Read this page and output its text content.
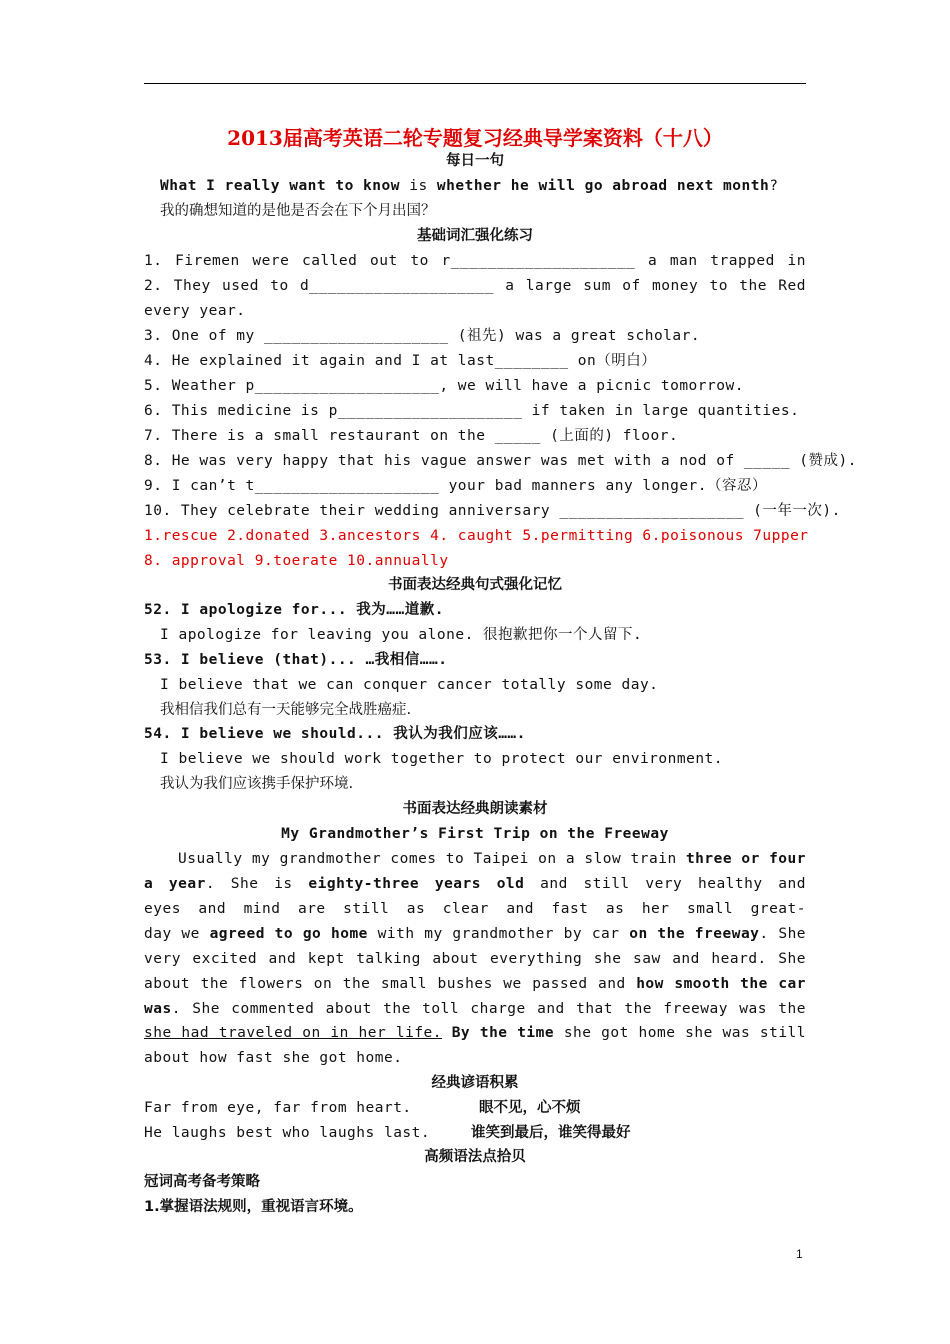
2013届高考英语二轮专题复习经典导学案资料（十八）
每日一句
What I really want to know is whether he will go abroad next month?
我的确想知道的是他是否会在下个月出国？
基础词汇强化练习
1. Firemen were called out to r____________________ a man trapped in
2. They used to d____________________ a large sum of money to the Red
every year.
3. One of my ____________________ (祖先) was a great scholar.
4. He explained it again and I at last________ on（明白）
5. Weather p____________________, we will have a picnic tomorrow.
6. This medicine is p____________________ if taken in large quantities.
7. There is a small restaurant on the _____ (上面的) floor.
8. He was very happy that his vague answer was met with a nod of _____ (赞成).
9. I can’t t____________________ your bad manners any longer.（容忍）
10. They celebrate their wedding anniversary ____________________ (一年一次).
1.rescue 2.donated 3.ancestors 4. caught 5.permitting 6.poisonous 7upper
8. approval 9.toerate 10.annually
书面表达经典句式强化记忆
52. I apologize for... 我为……道歉.
I apologize for leaving you alone. 很抱歉把你一个人留下.
53. I believe (that)... …我相信…….
I believe that we can conquer cancer totally some day.
我相信我们总有一天能够完全战胜癌症.
54. I believe we should... 我认为我们应该…….
I believe we should work together to protect our environment.
我认为我们应该携手保护环境.
书面表达经典朗读素材
My Grandmother’s First Trip on the Freeway
Usually my grandmother comes to Taipei on a slow train three or four
a year. She is eighty-three years old and still very healthy and
eyes and mind are still as clear and fast as her small great-
day we agreed to go home with my grandmother by car on the freeway. She
very excited and kept talking about everything she saw and heard. She
about the flowers on the small bushes we passed and how smooth the car
was. She commented about the toll charge and that the freeway was the
she had traveled on in her life. By the time she got home she was still
about how fast she got home.
经典谚语积累
Far from eye, far from heart.	眼不见，心不烦
He laughs best who laughs last.	谁笑到最后，谁笑得最好
高频语法点拾贝
冠词高考备考策略
1.掌握语法规则，重视语言环境。
1
